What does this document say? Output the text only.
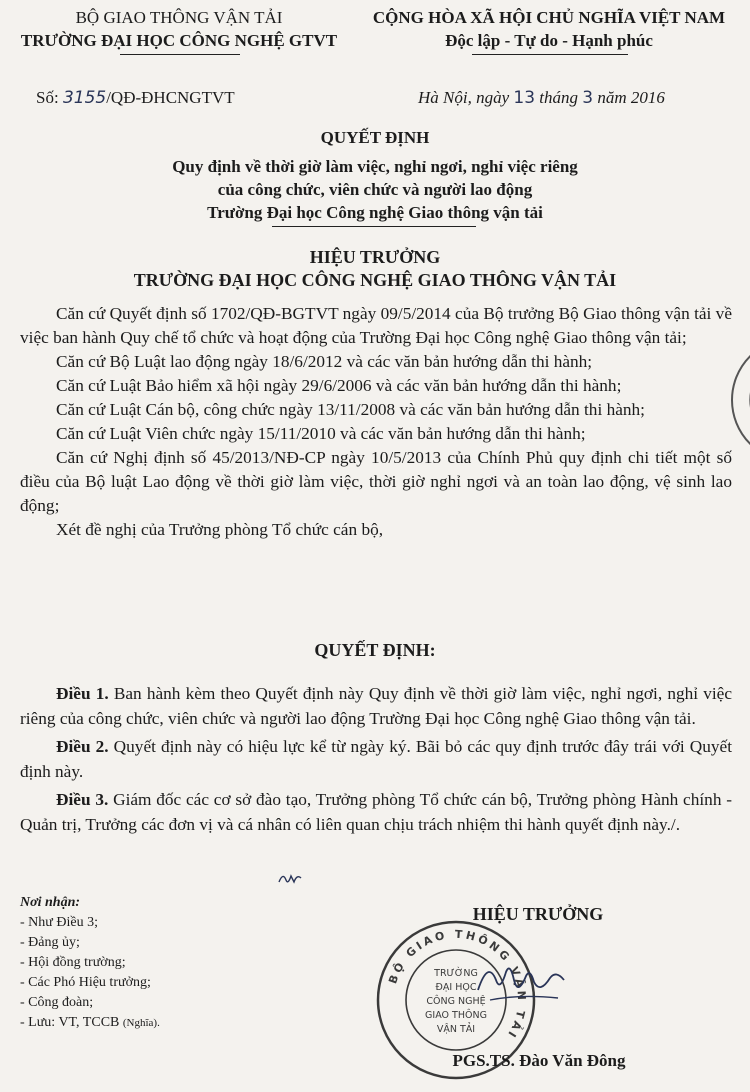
BỘ GIAO THÔNG VẬN TẢI
TRƯỜNG ĐẠI HỌC CÔNG NGHỆ GTVT
CỘNG HÒA XÃ HỘI CHỦ NGHĨA VIỆT NAM
Độc lập - Tự do - Hạnh phúc
Số: 3155/QĐ-ĐHCNGTVT	Hà Nội, ngày 13 tháng 3 năm 2016
QUYẾT ĐỊNH
Quy định về thời giờ làm việc, nghỉ ngơi, nghỉ việc riêng
của công chức, viên chức và người lao động
Trường Đại học Công nghệ Giao thông vận tải
HIỆU TRƯỞNG
TRƯỜNG ĐẠI HỌC CÔNG NGHỆ GIAO THÔNG VẬN TẢI

Căn cứ Quyết định số 1702/QĐ-BGTVT ngày 09/5/2014 của Bộ trưởng Bộ Giao thông vận tải về việc ban hành Quy chế tổ chức và hoạt động của Trường Đại học Công nghệ Giao thông vận tải;

Căn cứ Bộ Luật lao động ngày 18/6/2012 và các văn bản hướng dẫn thi hành;

Căn cứ Luật Bảo hiểm xã hội ngày 29/6/2006 và các văn bản hướng dẫn thi hành;

Căn cứ Luật Cán bộ, công chức ngày 13/11/2008 và các văn bản hướng dẫn thi hành;

Căn cứ Luật Viên chức ngày 15/11/2010 và các văn bản hướng dẫn thi hành;

Căn cứ Nghị định số 45/2013/NĐ-CP ngày 10/5/2013 của Chính Phủ quy định chi tiết một số điều của Bộ luật Lao động về thời giờ làm việc, thời giờ nghỉ ngơi và an toàn lao động, vệ sinh lao động;

Xét đề nghị của Trưởng phòng Tổ chức cán bộ,

QUYẾT ĐỊNH:

Điều 1. Ban hành kèm theo Quyết định này Quy định về thời giờ làm việc, nghỉ ngơi, nghỉ việc riêng của công chức, viên chức và người lao động Trường Đại học Công nghệ Giao thông vận tải.

Điều 2. Quyết định này có hiệu lực kể từ ngày ký. Bãi bỏ các quy định trước đây trái với Quyết định này.

Điều 3. Giám đốc các cơ sở đào tạo, Trưởng phòng Tổ chức cán bộ, Trưởng phòng Hành chính - Quản trị, Trưởng các đơn vị và cá nhân có liên quan chịu trách nhiệm thi hành quyết định này./.

Nơi nhận:
- Như Điều 3;
- Đảng ủy;
- Hội đồng trường;
- Các Phó Hiệu trưởng;
- Công đoàn;
- Lưu: VT, TCCB (Nghĩa).
HIỆU TRƯỞNG
BỘ GIAO THÔNG VẬN TẢI
TRƯỜNG
ĐẠI HỌC
CÔNG NGHỆ
GIAO THÔNG
VẬN TẢI
PGS.TS. Đào Văn Đông
